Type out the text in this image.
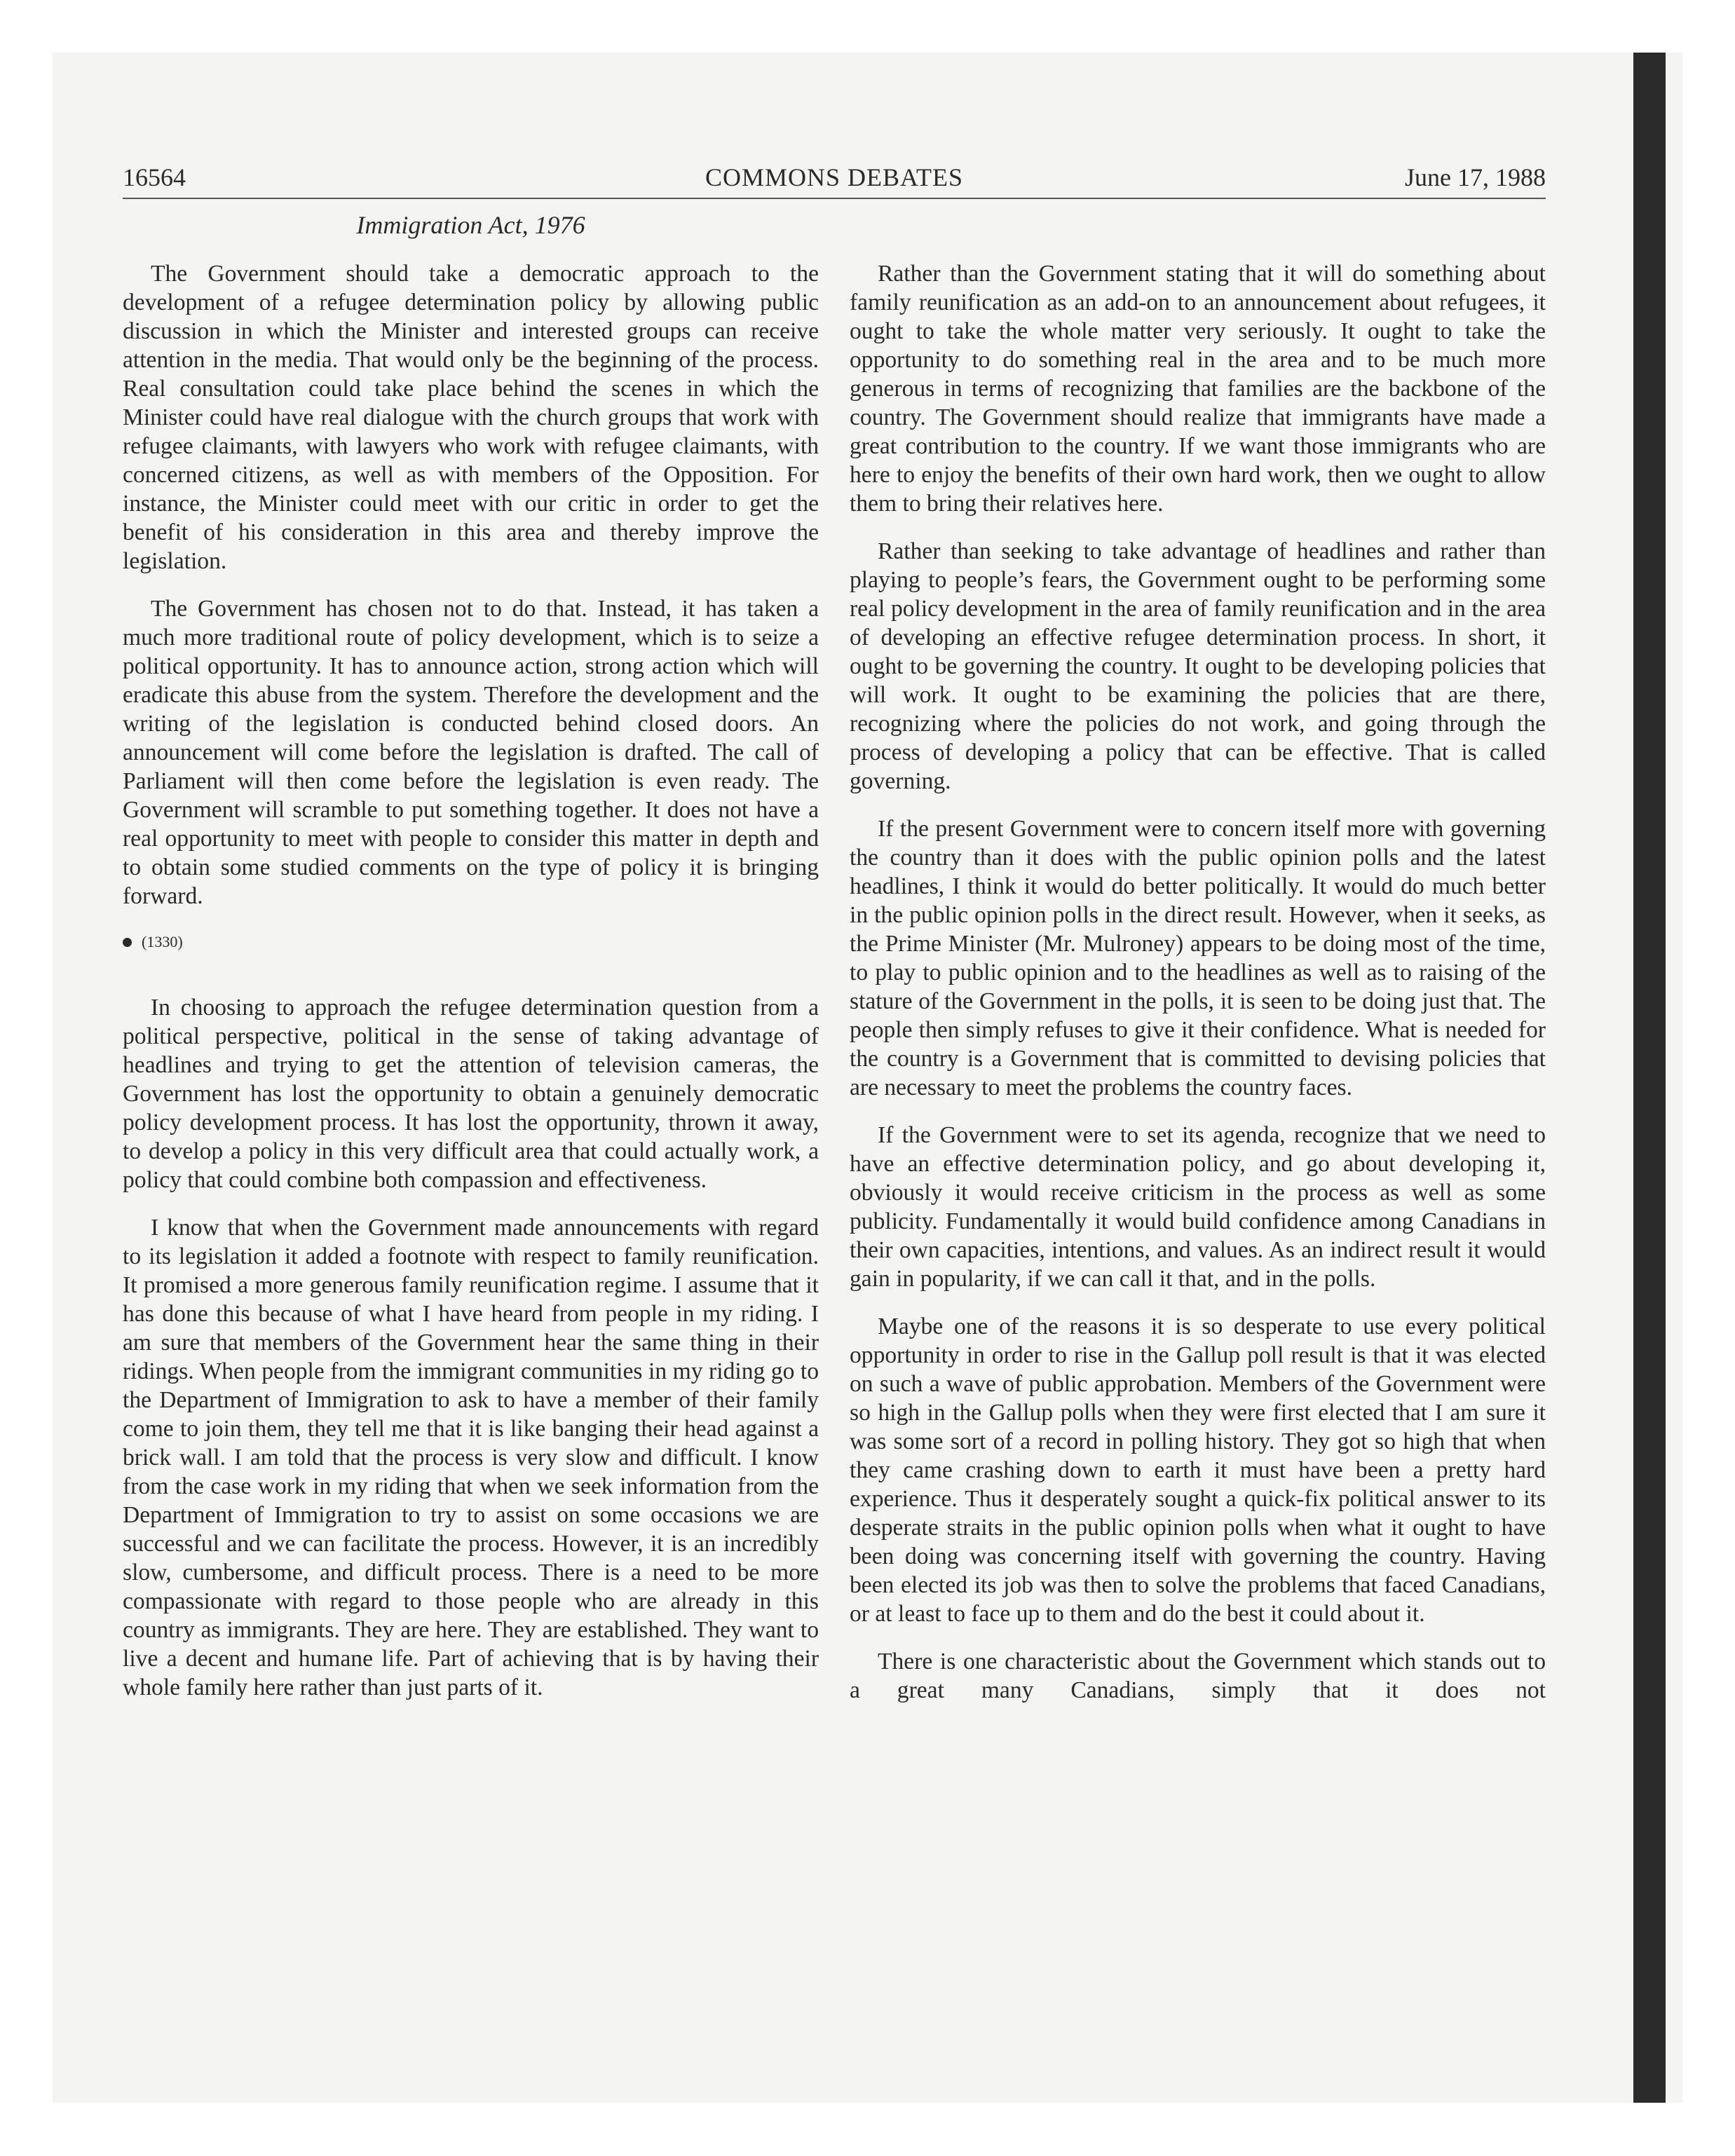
16564	COMMONS DEBATES	June 17, 1988
Immigration Act, 1976

The Government should take a democratic approach to the development of a refugee determination policy by allowing public discussion in which the Minister and interested groups can receive attention in the media. That would only be the beginning of the process. Real consultation could take place behind the scenes in which the Minister could have real dialogue with the church groups that work with refugee claimants, with lawyers who work with refugee claimants, with concerned citizens, as well as with members of the Opposition. For instance, the Minister could meet with our critic in order to get the benefit of his consideration in this area and thereby improve the legislation.

The Government has chosen not to do that. Instead, it has taken a much more traditional route of policy development, which is to seize a political opportunity. It has to announce action, strong action which will eradicate this abuse from the system. Therefore the development and the writing of the legislation is conducted behind closed doors. An announcement will come before the legislation is drafted. The call of Parliament will then come before the legislation is even ready. The Government will scramble to put something together. It does not have a real opportunity to meet with people to consider this matter in depth and to obtain some studied comments on the type of policy it is bringing forward.

(1330)

In choosing to approach the refugee determination question from a political perspective, political in the sense of taking advantage of headlines and trying to get the attention of television cameras, the Government has lost the opportunity to obtain a genuinely democratic policy development process. It has lost the opportunity, thrown it away, to develop a policy in this very difficult area that could actually work, a policy that could combine both compassion and effectiveness.

I know that when the Government made announcements with regard to its legislation it added a footnote with respect to family reunification. It promised a more generous family reunification regime. I assume that it has done this because of what I have heard from people in my riding. I am sure that members of the Government hear the same thing in their ridings. When people from the immigrant communities in my riding go to the Department of Immigration to ask to have a member of their family come to join them, they tell me that it is like banging their head against a brick wall. I am told that the process is very slow and difficult. I know from the case work in my riding that when we seek information from the Department of Immigration to try to assist on some occasions we are successful and we can facilitate the process. However, it is an incredibly slow, cumbersome, and difficult process. There is a need to be more compassionate with regard to those people who are already in this country as immigrants. They are here. They are established. They want to live a decent and humane life. Part of achieving that is by having their whole family here rather than just parts of it.

Rather than the Government stating that it will do something about family reunification as an add-on to an announcement about refugees, it ought to take the whole matter very seriously. It ought to take the opportunity to do something real in the area and to be much more generous in terms of recognizing that families are the backbone of the country. The Government should realize that immigrants have made a great contribution to the country. If we want those immigrants who are here to enjoy the benefits of their own hard work, then we ought to allow them to bring their relatives here.

Rather than seeking to take advantage of headlines and rather than playing to people’s fears, the Government ought to be performing some real policy development in the area of family reunification and in the area of developing an effective refugee determination process. In short, it ought to be governing the country. It ought to be developing policies that will work. It ought to be examining the policies that are there, recognizing where the policies do not work, and going through the process of developing a policy that can be effective. That is called governing.

If the present Government were to concern itself more with governing the country than it does with the public opinion polls and the latest headlines, I think it would do better politically. It would do much better in the public opinion polls in the direct result. However, when it seeks, as the Prime Minister (Mr. Mulroney) appears to be doing most of the time, to play to public opinion and to the headlines as well as to raising of the stature of the Government in the polls, it is seen to be doing just that. The people then simply refuses to give it their confidence. What is needed for the country is a Government that is committed to devising policies that are necessary to meet the problems the country faces.

If the Government were to set its agenda, recognize that we need to have an effective determination policy, and go about developing it, obviously it would receive criticism in the process as well as some publicity. Fundamentally it would build confidence among Canadians in their own capacities, intentions, and values. As an indirect result it would gain in popularity, if we can call it that, and in the polls.

Maybe one of the reasons it is so desperate to use every political opportunity in order to rise in the Gallup poll result is that it was elected on such a wave of public approbation. Members of the Government were so high in the Gallup polls when they were first elected that I am sure it was some sort of a record in polling history. They got so high that when they came crashing down to earth it must have been a pretty hard experience. Thus it desperately sought a quick-fix political answer to its desperate straits in the public opinion polls when what it ought to have been doing was concerning itself with governing the country. Having been elected its job was then to solve the problems that faced Canadians, or at least to face up to them and do the best it could about it.

There is one characteristic about the Government which stands out to a great many Canadians, simply that it does not
